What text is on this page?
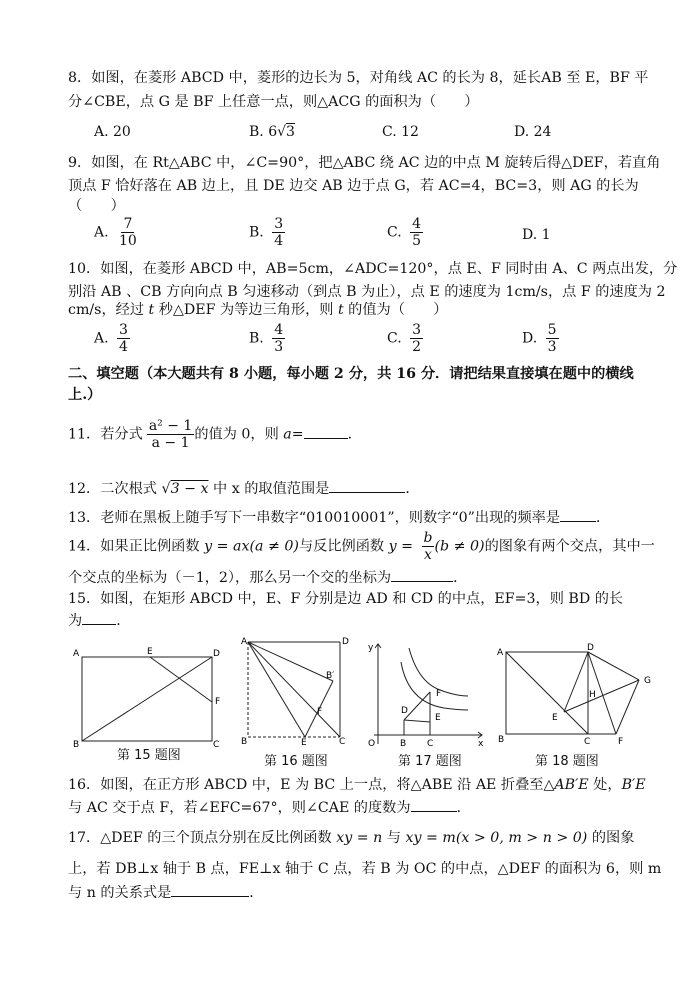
8．如图，在菱形 ABCD 中，菱形的边长为 5，对角线 AC 的长为 8，延长AB 至 E，BF 平
分∠CBE，点 G 是 BF 上任意一点，则△ACG 的面积为（　　）
A. 20	B. 6√3	C. 12	D. 24
9．如图，在 Rt△ABC 中，∠C=90°，把△ABC 绕 AC 边的中点 M 旋转后得△DEF，若直角
顶点 F 恰好落在 AB 边上，且 DE 边交 AB 边于点 G，若 AC=4，BC=3，则 AG 的长为
（　　）
A. $\frac{7}{10}$	B. $\frac{3}{4}$	C. $\frac{4}{5}$	D. 1
10．如图，在菱形 ABCD 中，AB=5cm，∠ADC=120°，点 E、F 同时由 A、C 两点出发，分
别沿 AB 、CB 方向向点 B 匀速移动（到点 B 为止），点 E 的速度为 1cm/s，点 F 的速度为 2
cm/s，经过 t 秒△DEF 为等边三角形，则 t 的值为（　　）
A. $\frac{3}{4}$	B. $\frac{4}{3}$	C. $\frac{3}{2}$	D. $\frac{5}{3}$
二、填空题（本大题共有 8 小题，每小题 2 分，共 16 分．请把结果直接填在题中的横线
上.）
11．若分式 $\frac{\text{a² − 1}}{a - 1}$ 的值为 0，则 a=	．
12．二次根式 √3 − x 中 x 的取值范围是	．
13．老师在黑板上随手写下一串数字“010010001”，则数字“0”出现的频率是	．
14．如果正比例函数 y = ax(a ≠ 0)与反比例函数 $y = \frac{b}{x} (b \ne 0)$的图象有两个交点，其中一
个交点的坐标为（－1，2），那么另一个交的坐标为	．
15．如图，在矩形 ABCD 中，E、F 分别是边 AD 和 CD 的中点，EF=3，则 BD 的长
为 ．
A	E	D
F
B	C
第 15 题图
A	D
B′
F
B	E	C
第 16 题图
y
F
D
E
O	B C	x
第 17 题图
A	D
G
H
E
B	C	F
第 18 题图
16．如图，在正方形 ABCD 中，E 为 BC 上一点，将△ABE 沿 AE 折叠至△AB′E 处，B′E
与 AC 交于点 F，若∠EFC=67°，则∠CAE 的度数为	．
17．△DEF 的三个顶点分别在反比例函数 xy = n 与 xy = m(x > 0, m > n > 0) 的图象
上，若 DB⊥x 轴于 B 点，FE⊥x 轴于 C 点，若 B 为 OC 的中点，△DEF 的面积为 6，则 m
与 n 的关系式是	．
